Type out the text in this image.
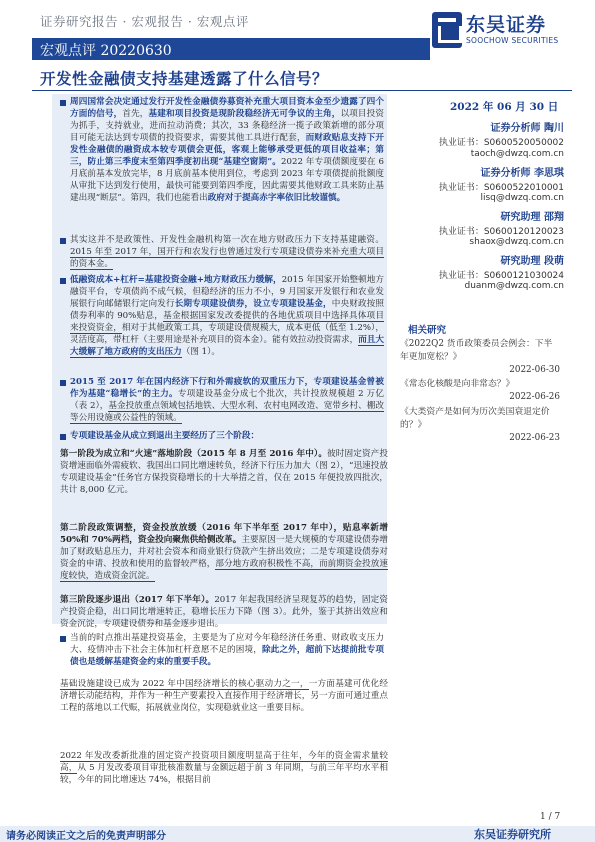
证券研究报告 · 宏观报告 · 宏观点评	东吴证券
SOOCHOW SECURITIES
宏观点评 20220630
开发性金融债支持基建透露了什么信号？
2022 年 06 月 30 日
证券分析师 陶川
执业证书：S0600520050002
taoch@dwzq.com.cn
证券分析师 李思琪
执业证书：S0600522010001
lisq@dwzq.com.cn
研究助理 邵翔
执业证书：S0600120120023
shaox@dwzq.com.cn
研究助理 段萌
执业证书：S0600121030024
duanm@dwzq.com.cn
相关研究
《2022Q2 货币政策委员会例会：下半年更加宽松？》
2022-06-30
《常态化核酸是向非常态？》
2022-06-26
《大类资产是如何为历次美国衰退定价的？》
2022-06-23
周四国常会决定通过发行开发性金融债券募资补充重大项目资本金至少遗露了四个方面的信号，首先，基建和项目投资是现阶段稳经济无可争议的主角，以项目投资为抓手，支持就业，进而拉动消费；其次，33 条稳经济一揽子政策新增的部分项目可能无法达到专项债的投资要求，需要其他工具进行配套，而财政贴息支持下开发性金融债的融资成本较专项债会更低，客观上能够承受更低的项目收益率；第三，防止第三季度末至第四季度初出现“基建空窗期”。2022 年专项债额度要在 6 月底前基本发放完毕，8 月底前基本使用到位，考虑到 2023 年专项债提前批额度从审批下达到发行使用，最快可能要到第四季度，因此需要其他财政工具来防止基建出现“断层”。第四，我们也能看出政府对于提高赤字率依旧比较谨慎。
其实这并不是政策性、开发性金融机构第一次在地方财政压力下支持基建融资。2015 年至 2017 年，国开行和农发行也曾通过发行专项建设债券来补充重大项目的资本金。
低融资成本+杠杆=基建投资金融+地方财政压力缓解，2015 年国家开始整顿地方融资平台，专项债尚不成气候，但稳经济的压力不小，9 月国家开发银行和农业发展银行向邮储银行定向发行长期专项建设债券，设立专项建设基金，中央财政按照债券利率的 90%贴息，基金根据国家发改委提供的各地优质项目中选择具体项目来投资资金，相对于其他政策工具，专项建设债规模大，成本更低（低至 1.2%），灵活度高，带杠杆（主要用途是补充项目的资本金）。能有效拉动投资需求，而且大大缓解了地方政府的支出压力（图 1）。
2015 至 2017 年在国内经济下行和外需疲软的双重压力下，专项建设基金曾被作为基建“稳增长”的主力。专项建设基金分成七个批次，共计投放规模超 2 万亿（表 2），基金投放重点领域包括地铁、大型水利、农村电网改造、宽带乡村、棚改等公用设施或公益性的领域。
专项建设基金从成立到退出主要经历了三个阶段：
第一阶段为成立和“火速”落地阶段（2015 年 8 月至 2016 年中）。彼时固定资产投资增速面临外需疲软、我国出口同比增速转负，经济下行压力加大（图 2），“迅速投放专项建设基金”任务官方保投资稳增长的十大举措之首，仅在 2015 年便投放四批次，共计 8,000 亿元。
第二阶段政策调整，资金投放放缓（2016 年下半年至 2017 年中），贴息率新增 50%和 70%两档，资金投向聚焦供给侧改革。主要原因一是大规模的专项建设债券增加了财政贴息压力，并对社会资本和商业银行贷款产生挤出效应；二是专项建设债券对资金的申请、投放和使用的监督较严格，部分地方政府积极性不高，而前期资金投放速度较快，造成资金沉淀。
第三阶段逐步退出（2017 年下半年）。2017 年起我国经济呈现复苏的趋势，固定资产投资企稳，出口同比增速转正，稳增长压力下降（图 3）。此外，鉴于其挤出效应和资金沉淀，专项建设债券和基金逐步退出。
当前的时点推出基建投资基金，主要是为了应对今年稳经济任务重、财政收支压力大、疫情冲击下社会主体加杠杆意愿不足的困境，除此之外，超前下达提前批专项债也是缓解基建资金约束的重要手段。
基础设施建设已成为 2022 年中国经济增长的核心驱动力之一，一方面基建可优化经济增长动能结构，并作为一种生产要素投入直接作用于经济增长，另一方面可通过重点工程的落地以工代赈，拓展就业岗位，实现稳就业这一重要目标。
2022 年发改委新批准的固定资产投资项目额度明显高于往年，今年的资金需求量较高，从 5 月发改委项目审批核准数量与金额远超于前 3 年同期，与前三年平均水平相较，今年的同比增速达 74%，根据目前
1 / 7
请务必阅读正文之后的免责声明部分	东吴证券研究所
